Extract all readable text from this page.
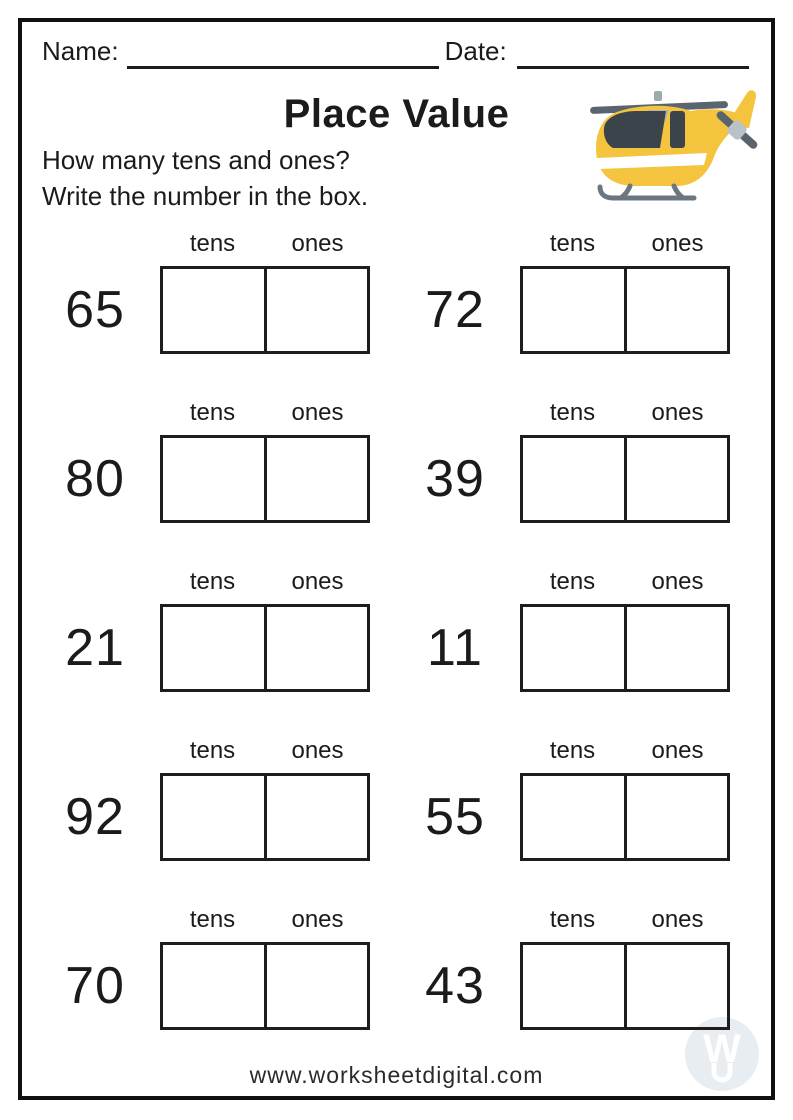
W
Name:	Date:
Place Value
How many tens and ones?
Write the number in the box.
65
tens	ones
72
tens	ones
80
tens	ones
39
tens	ones
21
tens	ones
11
tens	ones
92
tens	ones
55
tens	ones
70
tens	ones
43
tens	ones
www.worksheetdigital.com
